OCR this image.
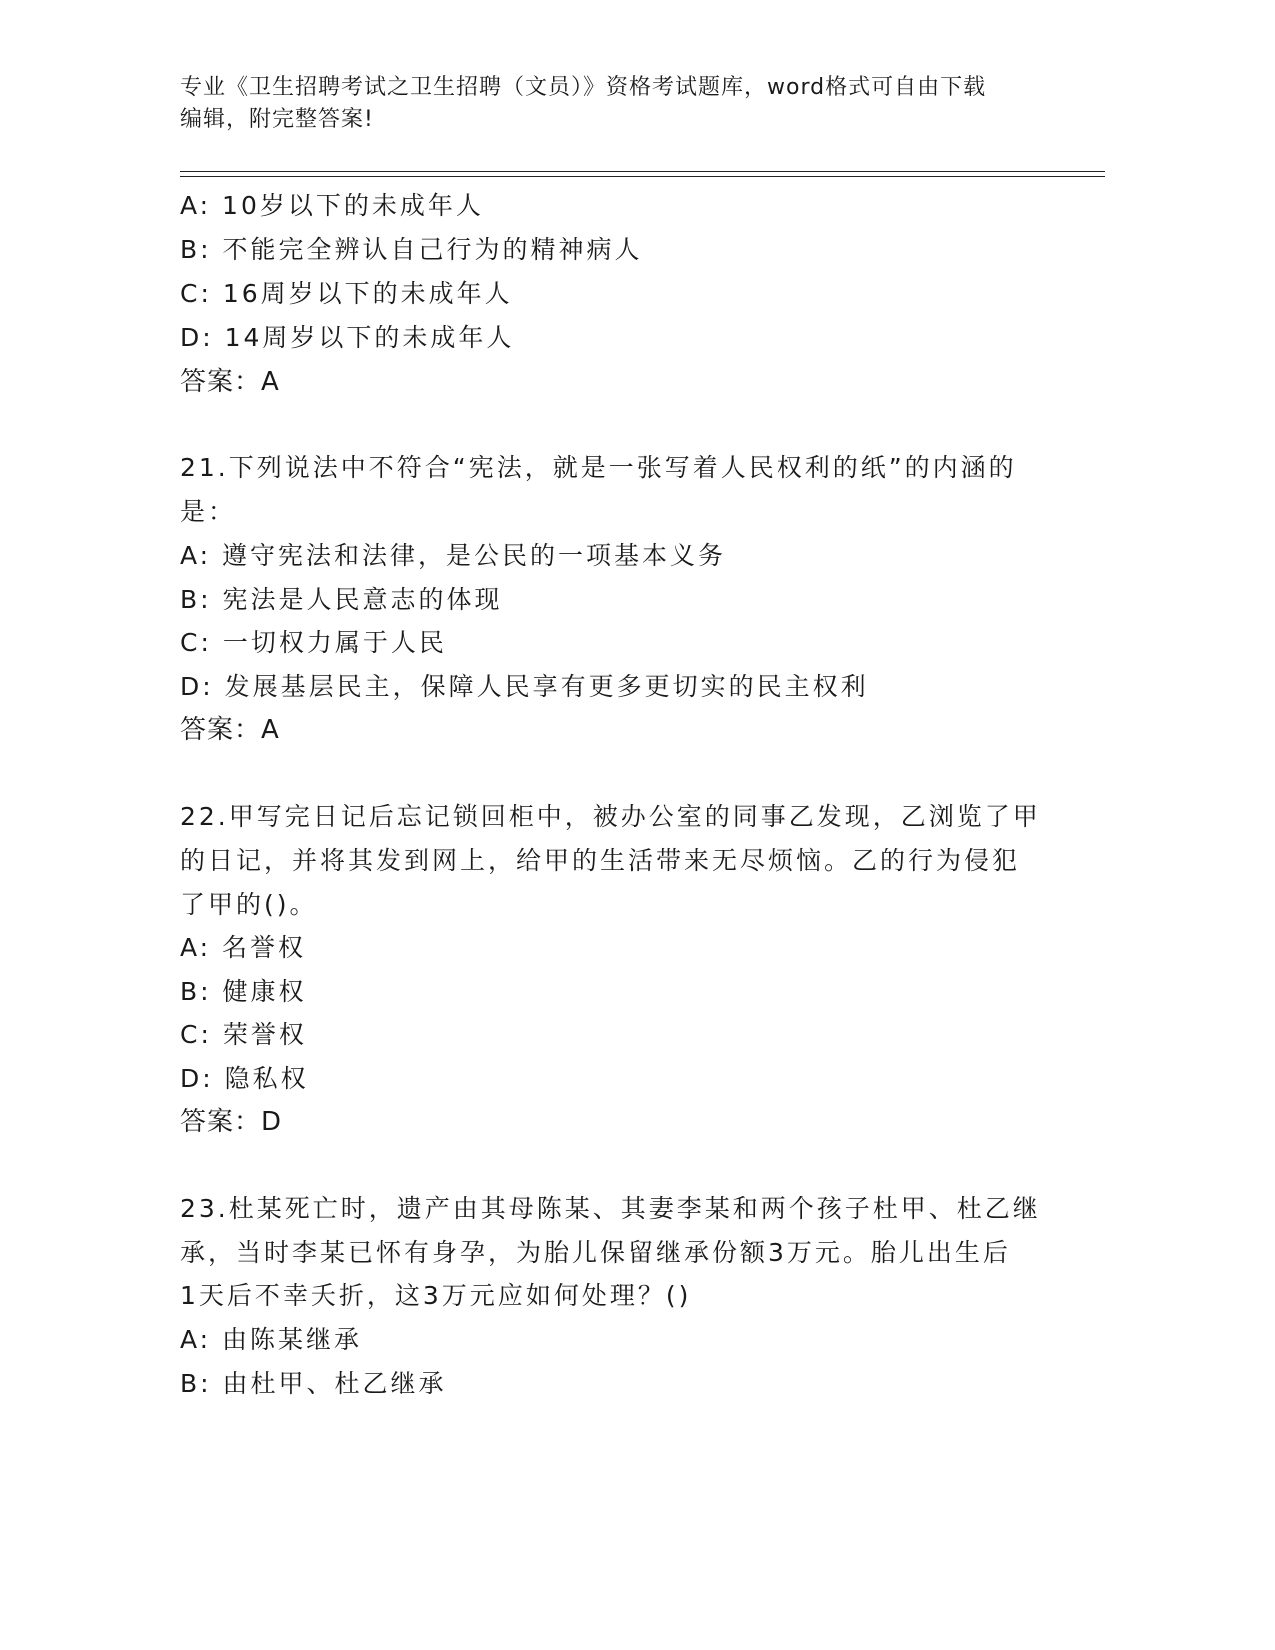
专业《卫生招聘考试之卫生招聘（文员）》资格考试题库，word格式可自由下载
编辑，附完整答案!
A: 10岁以下的未成年人
B: 不能完全辨认自己行为的精神病人
C: 16周岁以下的未成年人
D: 14周岁以下的未成年人
答案：A
21.下列说法中不符合“宪法，就是一张写着人民权利的纸”的内涵的
是：
A: 遵守宪法和法律，是公民的一项基本义务
B: 宪法是人民意志的体现
C: 一切权力属于人民
D: 发展基层民主，保障人民享有更多更切实的民主权利
答案：A
22.甲写完日记后忘记锁回柜中，被办公室的同事乙发现，乙浏览了甲
的日记，并将其发到网上，给甲的生活带来无尽烦恼。乙的行为侵犯
了甲的()。
A: 名誉权
B: 健康权
C: 荣誉权
D: 隐私权
答案：D
23.杜某死亡时，遗产由其母陈某、其妻李某和两个孩子杜甲、杜乙继
承，当时李某已怀有身孕，为胎儿保留继承份额3万元。胎儿出生后
1天后不幸夭折，这3万元应如何处理？()
A: 由陈某继承
B: 由杜甲、杜乙继承
